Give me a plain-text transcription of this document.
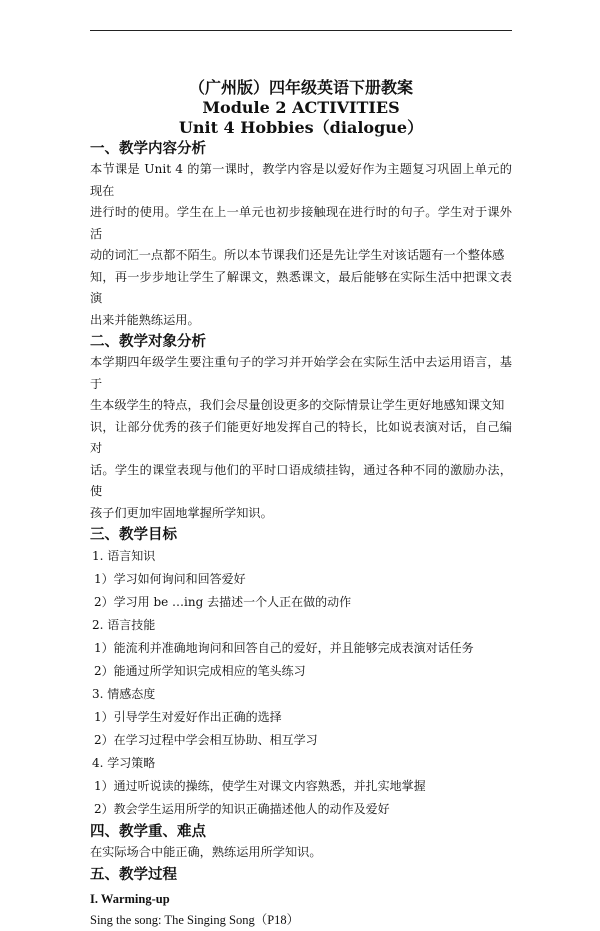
（广州版）四年级英语下册教案

Module 2 ACTIVITIES

Unit 4 Hobbies（dialogue）

一、教学内容分析

本节课是 Unit 4 的第一课时，教学内容是以爱好作为主题复习巩固上单元的现在

进行时的使用。学生在上一单元也初步接触现在进行时的句子。学生对于课外活

动的词汇一点都不陌生。所以本节课我们还是先让学生对该话题有一个整体感

知，再一步步地让学生了解课文，熟悉课文，最后能够在实际生活中把课文表演

出来并能熟练运用。

二、教学对象分析

本学期四年级学生要注重句子的学习并开始学会在实际生活中去运用语言，基于

生本级学生的特点，我们会尽量创设更多的交际情景让学生更好地感知课文知

识，让部分优秀的孩子们能更好地发挥自己的特长，比如说表演对话，自己编对

话。学生的课堂表现与他们的平时口语成绩挂钩，通过各种不同的激励办法，使

孩子们更加牢固地掌握所学知识。

三、教学目标

1. 语言知识

1）学习如何询问和回答爱好

2）学习用 be …ing 去描述一个人正在做的动作

2. 语言技能

1）能流利并准确地询问和回答自己的爱好，并且能够完成表演对话任务

2）能通过所学知识完成相应的笔头练习

3. 情感态度

1）引导学生对爱好作出正确的选择

2）在学习过程中学会相互协助、相互学习

4. 学习策略

1）通过听说读的操练，使学生对课文内容熟悉，并扎实地掌握

2）教会学生运用所学的知识正确描述他人的动作及爱好

四、教学重、难点

在实际场合中能正确，熟练运用所学知识。

五、教学过程

I. Warming-up

Sing the song: The Singing Song（P18）
